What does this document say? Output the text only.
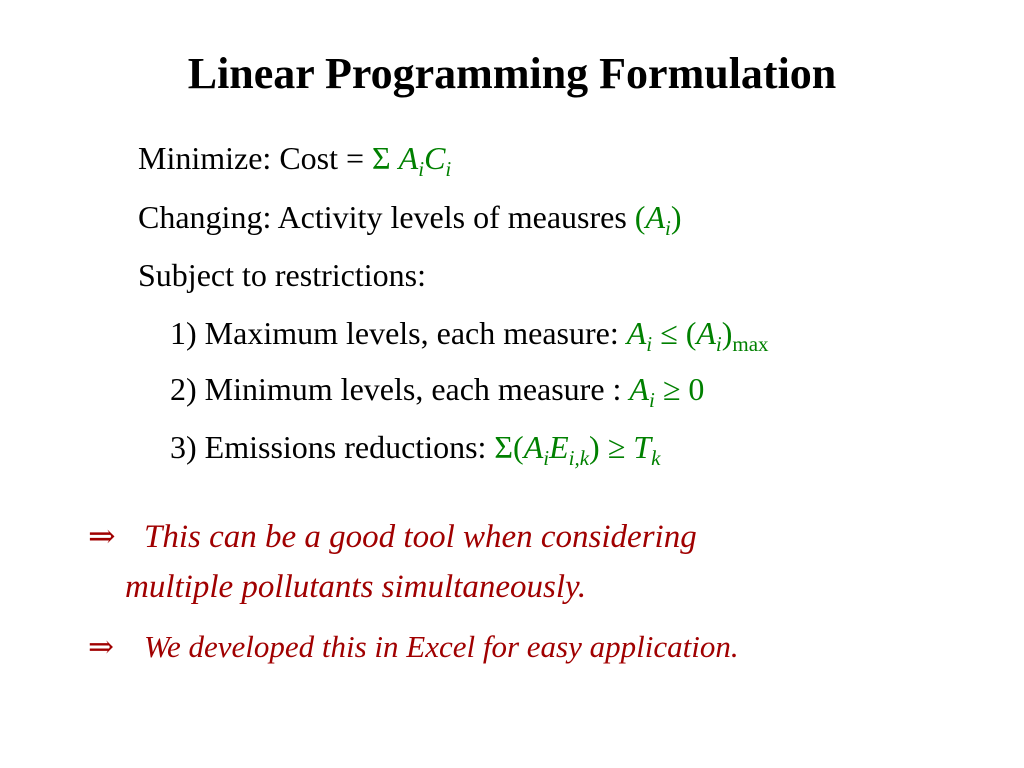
Linear Programming Formulation
Minimize: Cost = Σ $A_iC_i$
Changing: Activity levels of meausres $(A_i)$
Subject to restrictions:
1) Maximum levels, each measure: $A_i \le (A_i)_{max}$
2) Minimum levels, each measure : $A_i \ge 0$
3) Emissions reductions: $\Sigma(A_iE_{i,k}) \ge T_k$
⇒ This can be a good tool when considering
multiple pollutants simultaneously.
⇒ We developed this in Excel for easy application.
